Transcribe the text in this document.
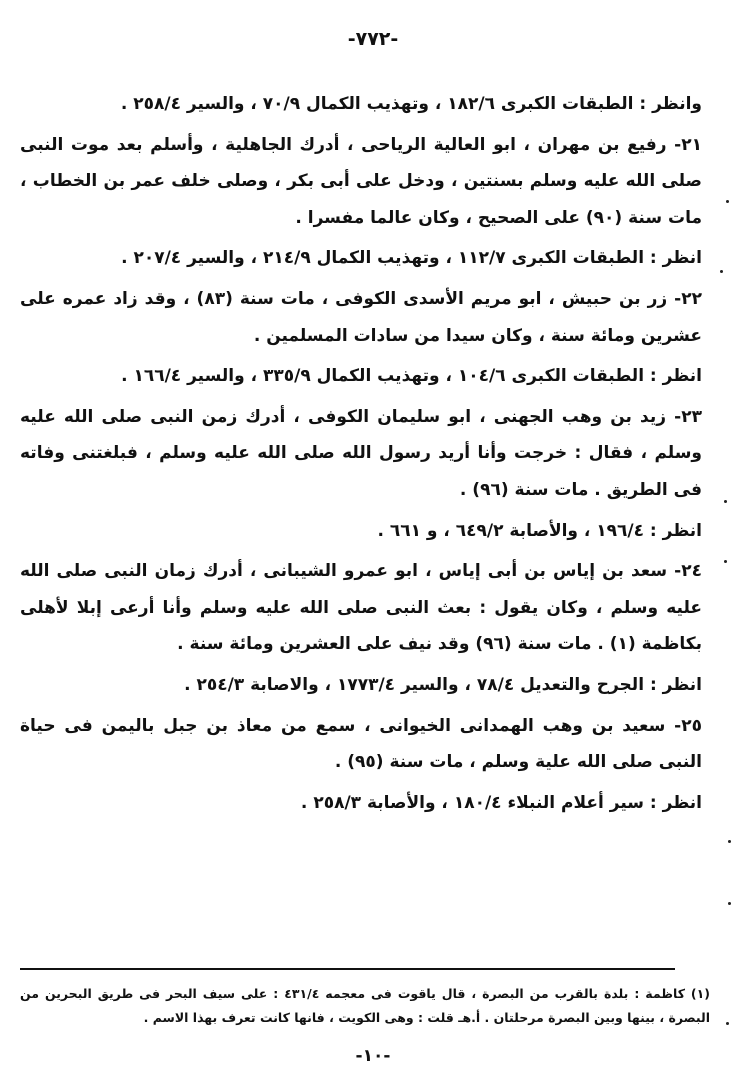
-٧٧٢-

وانظر : الطبقات الكبرى ١٨٢/٦ ، وتهذيب الكمال ٧٠/٩ ، والسير ٢٥٨/٤ .

٢١- رفيع بن مهران ، ابو العالية الرياحى ، أدرك الجاهلية ، وأسلم بعد موت النبى صلى الله عليه وسلم بسنتين ، ودخل على أبى بكر ، وصلى خلف عمر بن الخطاب ، مات سنة (٩٠) على الصحيح ، وكان عالما مفسرا .

انظر : الطبقات الكبرى ١١٢/٧ ، وتهذيب الكمال ٢١٤/٩ ، والسير ٢٠٧/٤ .

٢٢- زر بن حبيش ، ابو مريم الأسدى الكوفى ، مات سنة (٨٣) ، وقد زاد عمره على عشرين ومائة سنة ، وكان سيدا من سادات المسلمين .

انظر : الطبقات الكبرى ١٠٤/٦ ، وتهذيب الكمال ٣٣٥/٩ ، والسير ١٦٦/٤ .

٢٣- زيد بن وهب الجهنى ، ابو سليمان الكوفى ، أدرك زمن النبى صلى الله عليه وسلم ، فقال : خرجت وأنا أريد رسول الله صلى الله عليه وسلم ، فبلغتنى وفاته فى الطريق . مات سنة (٩٦) .

انظر : ١٩٦/٤ ، والأصابة ٦٤٩/٢ ، و ٦٦١ .

٢٤- سعد بن إياس بن أبى إياس ، ابو عمرو الشيبانى ، أدرك زمان النبى صلى الله عليه وسلم ، وكان يقول : بعث النبى صلى الله عليه وسلم وأنا أرعى إبلا لأهلى بكاظمة (١) . مات سنة (٩٦) وقد نيف على العشرين ومائة سنة .

انظر : الجرح والتعديل ٧٨/٤ ، والسير ١٧٧٣/٤ ، والاصابة ٢٥٤/٣ .

٢٥- سعيد بن وهب الهمدانى الخيوانى ، سمع من معاذ بن جبل باليمن فى حياة النبى صلى الله علية وسلم ، مات سنة (٩٥) .

انظر : سير أعلام النبلاء ١٨٠/٤ ، والأصابة ٢٥٨/٣ .

(١) كاظمة : بلدة بالقرب من البصرة ، قال ياقوت فى معجمه ٤٣١/٤ : على سيف البحر فى طريق البحرين من البصرة ، بينها وبين البصرة مرحلتان . أ.هـ قلت : وهى الكويت ، فانها كانت تعرف بهذا الاسم .

-١٠-
